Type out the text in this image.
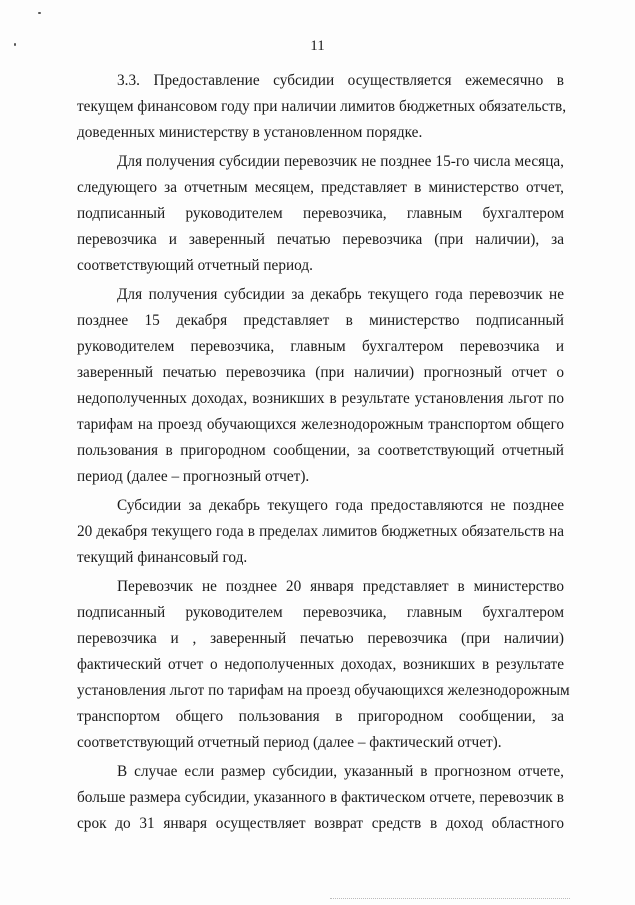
11

3.3. Предоставление субсидии осуществляется ежемесячно в
текущем финансовом году при наличии лимитов бюджетных обязательств,
доведенных министерству в установленном порядке.

Для получения субсидии перевозчик не позднее 15-го числа месяца,
следующего за отчетным месяцем, представляет в министерство отчет,
подписанный руководителем перевозчика, главным бухгалтером
перевозчика и заверенный печатью перевозчика (при наличии), за
соответствующий отчетный период.

Для получения субсидии за декабрь текущего года перевозчик не
позднее 15 декабря представляет в министерство подписанный
руководителем перевозчика, главным бухгалтером перевозчика и
заверенный печатью перевозчика (при наличии) прогнозный отчет о
недополученных доходах, возникших в результате установления льгот по
тарифам на проезд обучающихся железнодорожным транспортом общего
пользования в пригородном сообщении, за соответствующий отчетный
период (далее – прогнозный отчет).

Субсидии за декабрь текущего года предоставляются не позднее
20 декабря текущего года в пределах лимитов бюджетных обязательств на
текущий финансовый год.

Перевозчик не позднее 20 января представляет в министерство
подписанный руководителем перевозчика, главным бухгалтером
перевозчика и , заверенный печатью перевозчика (при наличии)
фактический отчет о недополученных доходах, возникших в результате
установления льгот по тарифам на проезд обучающихся железнодорожным
транспортом общего пользования в пригородном сообщении, за
соответствующий отчетный период (далее – фактический отчет).

В случае если размер субсидии, указанный в прогнозном отчете,
больше размера субсидии, указанного в фактическом отчете, перевозчик в
срок до 31 января осуществляет возврат средств в доход областного
